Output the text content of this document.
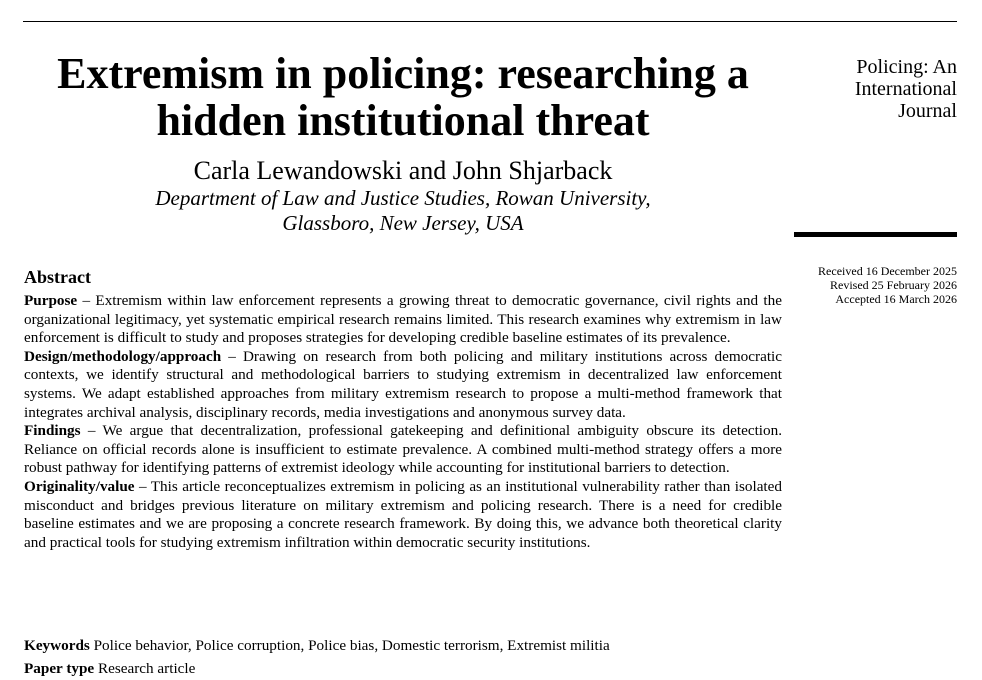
Extremism in policing: researching a hidden institutional threat
Carla Lewandowski and John Shjarback
Department of Law and Justice Studies, Rowan University,
Glassboro, New Jersey, USA
Policing: An
International
Journal
Received 16 December 2025
Revised 25 February 2026
Accepted 16 March 2026
Abstract

Purpose – Extremism within law enforcement represents a growing threat to democratic governance, civil rights and the organizational legitimacy, yet systematic empirical research remains limited. This research examines why extremism in law enforcement is difficult to study and proposes strategies for developing credible baseline estimates of its prevalence.

Design/methodology/approach – Drawing on research from both policing and military institutions across democratic contexts, we identify structural and methodological barriers to studying extremism in decentralized law enforcement systems. We adapt established approaches from military extremism research to propose a multi-method framework that integrates archival analysis, disciplinary records, media investigations and anonymous survey data.

Findings – We argue that decentralization, professional gatekeeping and definitional ambiguity obscure its detection. Reliance on official records alone is insufficient to estimate prevalence. A combined multi-method strategy offers a more robust pathway for identifying patterns of extremist ideology while accounting for institutional barriers to detection.

Originality/value – This article reconceptualizes extremism in policing as an institutional vulnerability rather than isolated misconduct and bridges previous literature on military extremism and policing research. There is a need for credible baseline estimates and we are proposing a concrete research framework. By doing this, we advance both theoretical clarity and practical tools for studying extremism infiltration within democratic security institutions.

Keywords Police behavior, Police corruption, Police bias, Domestic terrorism, Extremist militia
Paper type Research article
